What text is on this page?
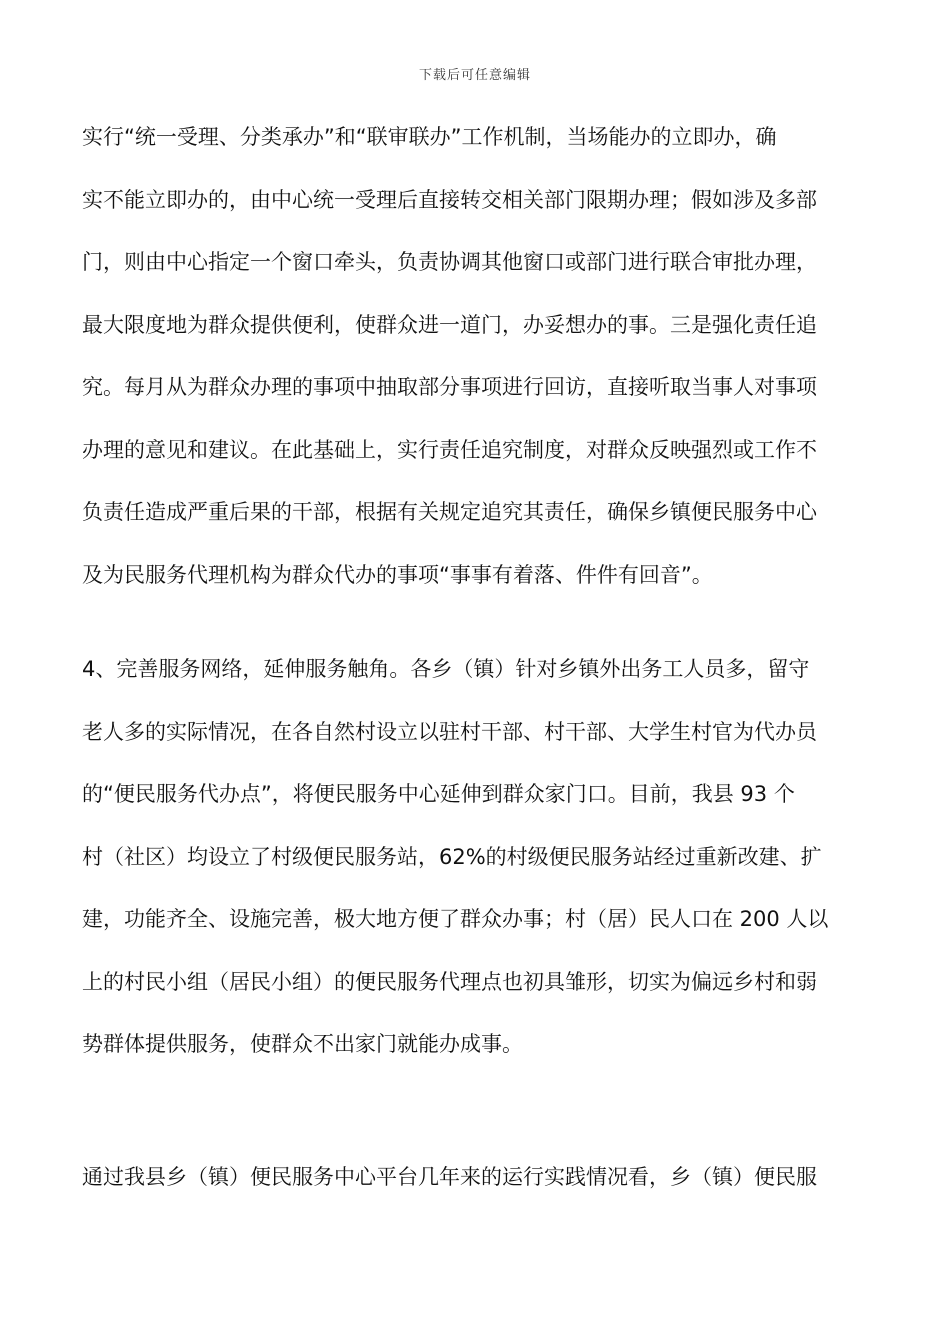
下载后可任意编辑
实行“统一受理、分类承办”和“联审联办”工作机制，当场能办的立即办，确
实不能立即办的，由中心统一受理后直接转交相关部门限期办理；假如涉及多部
门，则由中心指定一个窗口牵头，负责协调其他窗口或部门进行联合审批办理，
最大限度地为群众提供便利，使群众进一道门，办妥想办的事。三是强化责任追
究。每月从为群众办理的事项中抽取部分事项进行回访，直接听取当事人对事项
办理的意见和建议。在此基础上，实行责任追究制度，对群众反映强烈或工作不
负责任造成严重后果的干部，根据有关规定追究其责任，确保乡镇便民服务中心
及为民服务代理机构为群众代办的事项“事事有着落、件件有回音”。
4、完善服务网络，延伸服务触角。各乡（镇）针对乡镇外出务工人员多，留守
老人多的实际情况，在各自然村设立以驻村干部、村干部、大学生村官为代办员
的“便民服务代办点”，将便民服务中心延伸到群众家门口。目前，我县 93 个
村（社区）均设立了村级便民服务站，62%的村级便民服务站经过重新改建、扩
建，功能齐全、设施完善，极大地方便了群众办事；村（居）民人口在 200 人以
上的村民小组（居民小组）的便民服务代理点也初具雏形，切实为偏远乡村和弱
势群体提供服务，使群众不出家门就能办成事。
通过我县乡（镇）便民服务中心平台几年来的运行实践情况看，乡（镇）便民服
